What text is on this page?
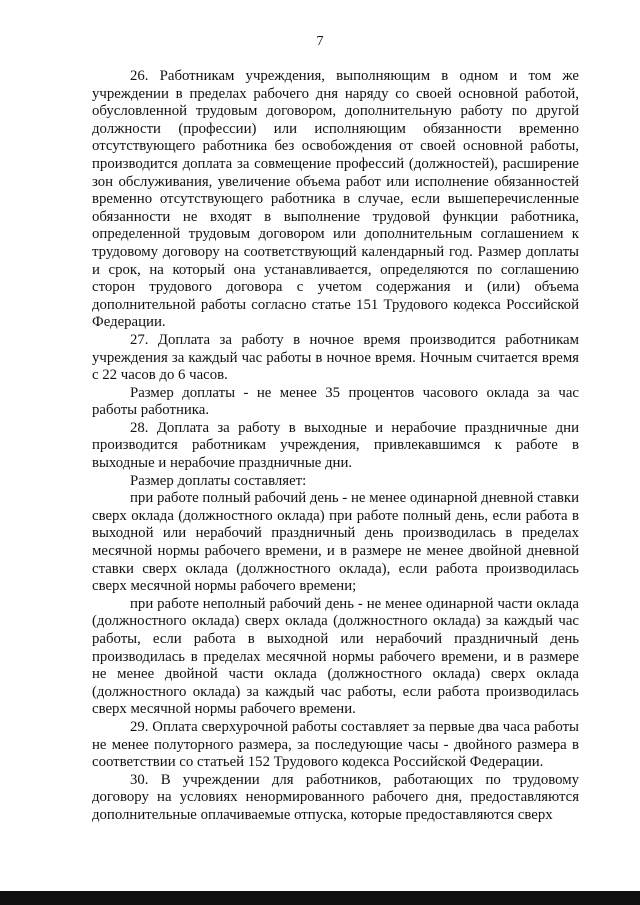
7

26. Работникам учреждения, выполняющим в одном и том же учреждении в пределах рабочего дня наряду со своей основной работой, обусловленной трудовым договором, дополнительную работу по другой должности (профессии) или исполняющим обязанности временно отсутствующего работника без освобождения от своей основной работы, производится доплата за совмещение профессий (должностей), расширение зон обслуживания, увеличение объема работ или исполнение обязанностей временно отсутствующего работника в случае, если вышеперечисленные обязанности не входят в выполнение трудовой функции работника, определенной трудовым договором или дополнительным соглашением к трудовому договору на соответствующий календарный год. Размер доплаты и срок, на который она устанавливается, определяются по соглашению сторон трудового договора с учетом содержания и (или) объема дополнительной работы согласно статье 151 Трудового кодекса Российской Федерации.

27. Доплата за работу в ночное время производится работникам учреждения за каждый час работы в ночное время. Ночным считается время с 22 часов до 6 часов.

Размер доплаты - не менее 35 процентов часового оклада за час работы работника.

28. Доплата за работу в выходные и нерабочие праздничные дни производится работникам учреждения, привлекавшимся к работе в выходные и нерабочие праздничные дни.

Размер доплаты составляет:

при работе полный рабочий день - не менее одинарной дневной ставки сверх оклада (должностного оклада) при работе полный день, если работа в выходной или нерабочий праздничный день производилась в пределах месячной нормы рабочего времени, и в размере не менее двойной дневной ставки сверх оклада (должностного оклада), если работа производилась сверх месячной нормы рабочего времени;

при работе неполный рабочий день - не менее одинарной части оклада (должностного оклада) сверх оклада (должностного оклада) за каждый час работы, если работа в выходной или нерабочий праздничный день производилась в пределах месячной нормы рабочего времени, и в размере не менее двойной части оклада (должностного оклада) сверх оклада (должностного оклада) за каждый час работы, если работа производилась сверх месячной нормы рабочего времени.

29. Оплата сверхурочной работы составляет за первые два часа работы не менее полуторного размера, за последующие часы - двойного размера в соответствии со статьей 152 Трудового кодекса Российской Федерации.

30. В учреждении для работников, работающих по трудовому договору на условиях ненормированного рабочего дня, предоставляются дополнительные оплачиваемые отпуска, которые предоставляются сверх
